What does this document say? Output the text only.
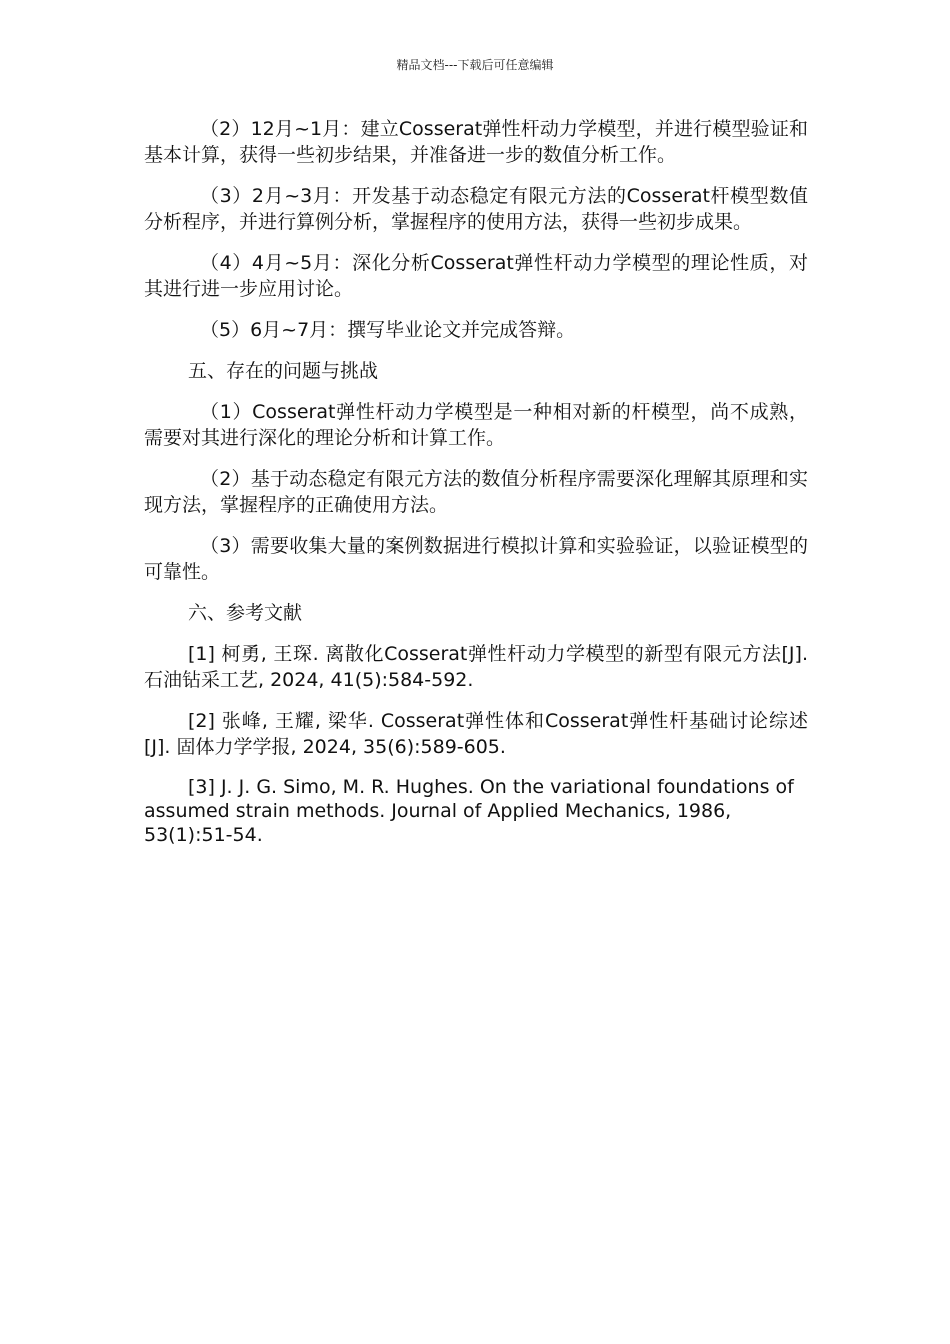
精品文档---下载后可任意编辑

（2）12月~1月：建立Cosserat弹性杆动力学模型，并进行模型验证和基本计算，获得一些初步结果，并准备进一步的数值分析工作。

（3）2月~3月：开发基于动态稳定有限元方法的Cosserat杆模型数值分析程序，并进行算例分析，掌握程序的使用方法，获得一些初步成果。

（4）4月~5月：深化分析Cosserat弹性杆动力学模型的理论性质，对其进行进一步应用讨论。

（5）6月~7月：撰写毕业论文并完成答辩。

五、存在的问题与挑战

（1）Cosserat弹性杆动力学模型是一种相对新的杆模型，尚不成熟，需要对其进行深化的理论分析和计算工作。

（2）基于动态稳定有限元方法的数值分析程序需要深化理解其原理和实现方法，掌握程序的正确使用方法。

（3）需要收集大量的案例数据进行模拟计算和实验验证，以验证模型的可靠性。

六、参考文献

[1] 柯勇, 王琛. 离散化Cosserat弹性杆动力学模型的新型有限元方法[J]. 石油钻采工艺, 2024, 41(5):584-592.

[2] 张峰, 王耀, 梁华. Cosserat弹性体和Cosserat弹性杆基础讨论综述[J]. 固体力学学报, 2024, 35(6):589-605.

[3] J. J. G. Simo, M. R. Hughes. On the variational foundations of assumed strain methods. Journal of Applied Mechanics, 1986, 53(1):51-54.
